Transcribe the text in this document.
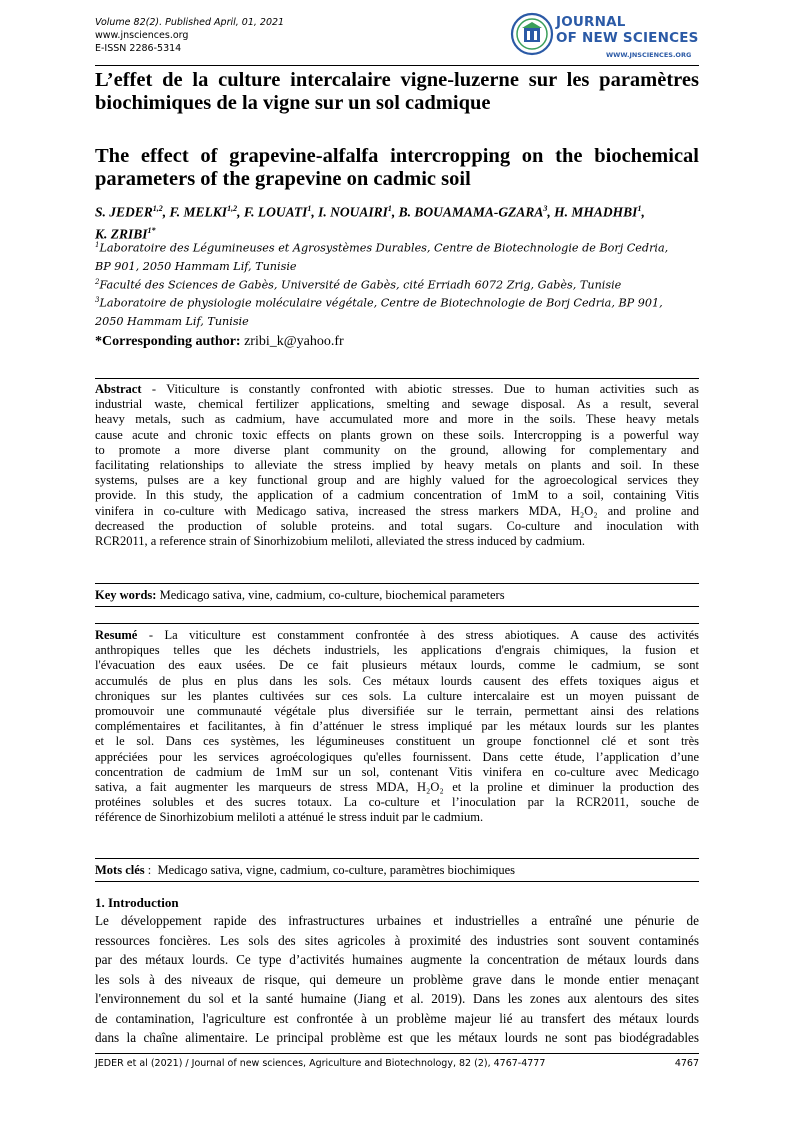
Volume 82(2). Published April, 01, 2021
www.jnsciences.org
E-ISSN 2286-5314
JOURNAL
OF NEW SCIENCES
WWW.JNSCIENCES.ORG
L’effet de la culture intercalaire vigne-luzerne sur les paramètres
biochimiques de la vigne sur un sol cadmique
The effect of grapevine-alfalfa intercropping on the biochemical
parameters of the grapevine on cadmic soil
S. JEDER$^{1,2}$, F. MELKI$^{1,2}$, F. LOUATI$^1$, I. NOUAIRI$^1$, B. BOUAMAMA-GZARA$^3$, H. MHADHBI$^1$,
K. $ZRIBI^{1*}$
$^1$Laboratoire des Légumineuses et Agrosystèmes Durables, Centre de Biotechnologie de Borj Cedria,
BP 901, 2050 Hammam Lif, Tunisie
$^2$Faculté des Sciences de Gabès, Université de Gabès, cité Erriadh 6072 Zrig, Gabès, Tunisie
$^3$Laboratoire de physiologie moléculaire végétale, Centre de Biotechnologie de Borj Cedria, BP 901,
2050 Hammam Lif, Tunisie
*Corresponding author: zribi_k@yahoo.fr
Abstract - Viticulture is constantly confronted with abiotic stresses. Due to human activities such as
industrial waste, chemical fertilizer applications, smelting and sewage disposal. As a result, several
heavy metals, such as cadmium, have accumulated more and more in the soils. These heavy metals
cause acute and chronic toxic effects on plants grown on these soils. Intercropping is a powerful way
to promote a more diverse plant community on the ground, allowing for complementary and
facilitating relationships to alleviate the stress implied by heavy metals on plants and soil. In these
systems, pulses are a key functional group and are highly valued for the agroecological services they
provide. In this study, the application of a cadmium concentration of 1mM to a soil, containing Vitis
vinifera in co-culture with Medicago sativa, increased the stress markers MDA, H₂O₂ and proline and
decreased the production of soluble proteins. and total sugars. Co-culture and inoculation with
RCR2011, a reference strain of Sinorhizobium meliloti, alleviated the stress induced by cadmium.
Key words: Medicago sativa, vine, cadmium, co-culture, biochemical parameters
Resumé - La viticulture est constamment confrontée à des stress abiotiques. A cause des activités
anthropiques telles que les déchets industriels, les applications d'engrais chimiques, la fusion et
l'évacuation des eaux usées. De ce fait plusieurs métaux lourds, comme le cadmium, se sont
accumulés de plus en plus dans les sols. Ces métaux lourds causent des effets toxiques aigus et
chroniques sur les plantes cultivées sur ces sols. La culture intercalaire est un moyen puissant de
promouvoir une communauté végétale plus diversifiée sur le terrain, permettant ainsi des relations
complémentaires et facilitantes, à fin d’atténuer le stress impliqué par les métaux lourds sur les plantes
et le sol. Dans ces systèmes, les légumineuses constituent un groupe fonctionnel clé et sont très
appréciées pour les services agroécologiques qu'elles fournissent. Dans cette étude, l’application d’une
concentration de cadmium de 1mM sur un sol, contenant Vitis vinifera en co-culture avec Medicago
sativa, a fait augmenter les marqueurs de stress MDA, H₂O₂ et la proline et diminuer la production des
protéines solubles et des sucres totaux. La co-culture et l’inoculation par la RCR2011, souche de
référence de Sinorhizobium meliloti a atténué le stress induit par le cadmium.
Mots clés :  Medicago sativa, vigne, cadmium, co-culture, paramètres biochimiques
1. Introduction
Le développement rapide des infrastructures urbaines et industrielles a entraîné une pénurie de
ressources foncières. Les sols des sites agricoles à proximité des industries sont souvent contaminés
par des métaux lourds. Ce type d’activités humaines augmente la concentration de métaux lourds dans
les sols à des niveaux de risque, qui demeure un problème grave dans le monde entier menaçant
l'environnement du sol et la santé humaine (Jiang et al. 2019). Dans les zones aux alentours des sites
de contamination, l'agriculture est confrontée à un problème majeur lié au transfert des métaux lourds
dans la chaîne alimentaire. Le principal problème est que les métaux lourds ne sont pas biodégradables
JEDER et al (2021) / Journal of new sciences, Agriculture and Biotechnology, 82 (2), 4767-4777	4767
